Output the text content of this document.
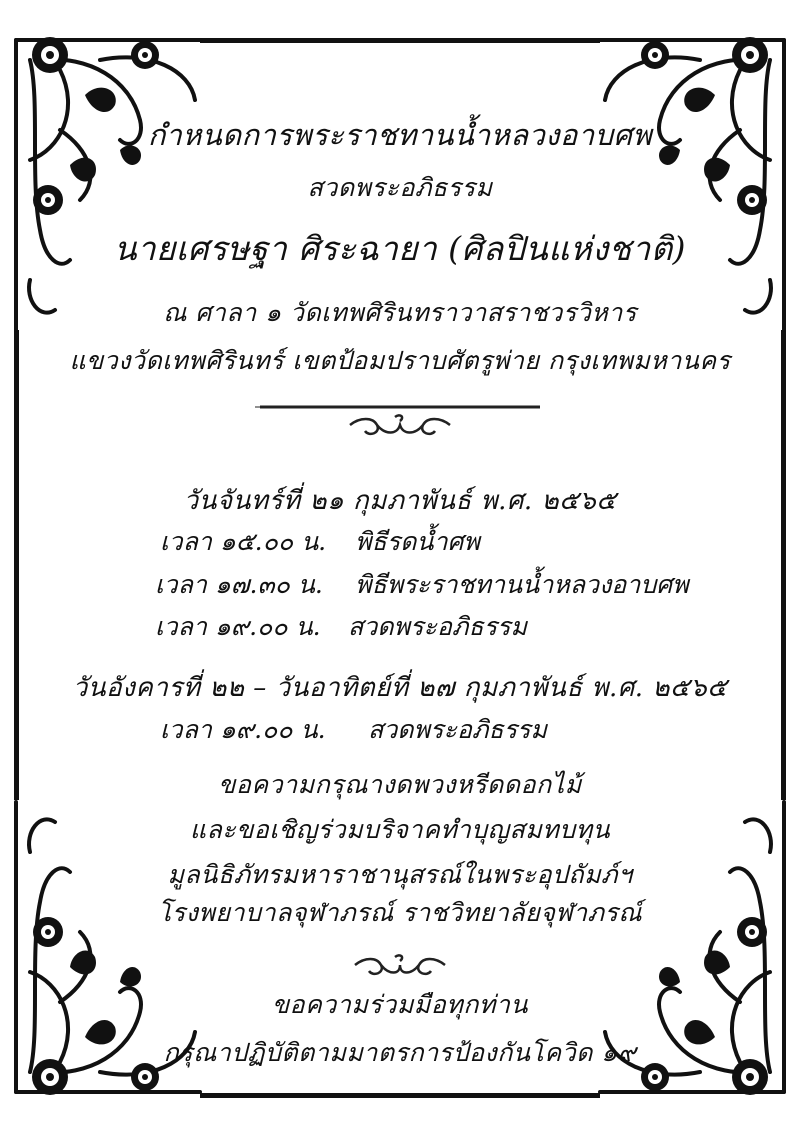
กำหนดการพระราชทานน้ำหลวงอาบศพ
สวดพระอภิธรรม
นายเศรษฐา ศิระฉายา (ศิลปินแห่งชาติ)
ณ ศาลา ๑ วัดเทพศิรินทราวาสราชวรวิหาร
แขวงวัดเทพศิรินทร์ เขตป้อมปราบศัตรูพ่าย กรุงเทพมหานคร
วันจันทร์ที่ ๒๑ กุมภาพันธ์ พ.ศ. ๒๕๖๕
เวลา ๑๕.๐๐ น. พิธีรดน้ำศพ
เวลา ๑๗.๓๐ น. พิธีพระราชทานน้ำหลวงอาบศพ
เวลา ๑๙.๐๐ น. สวดพระอภิธรรม
วันอังคารที่ ๒๒ – วันอาทิตย์ที่ ๒๗ กุมภาพันธ์ พ.ศ. ๒๕๖๕
เวลา ๑๙.๐๐ น. สวดพระอภิธรรม
ขอความกรุณางดพวงหรีดดอกไม้
และขอเชิญร่วมบริจาคทำบุญสมทบทุน
มูลนิธิภัทรมหาราชานุสรณ์ในพระอุปถัมภ์ฯ
โรงพยาบาลจุฬาภรณ์ ราชวิทยาลัยจุฬาภรณ์
ขอความร่วมมือทุกท่าน
กรุณาปฏิบัติตามมาตรการป้องกันโควิด ๑๙
